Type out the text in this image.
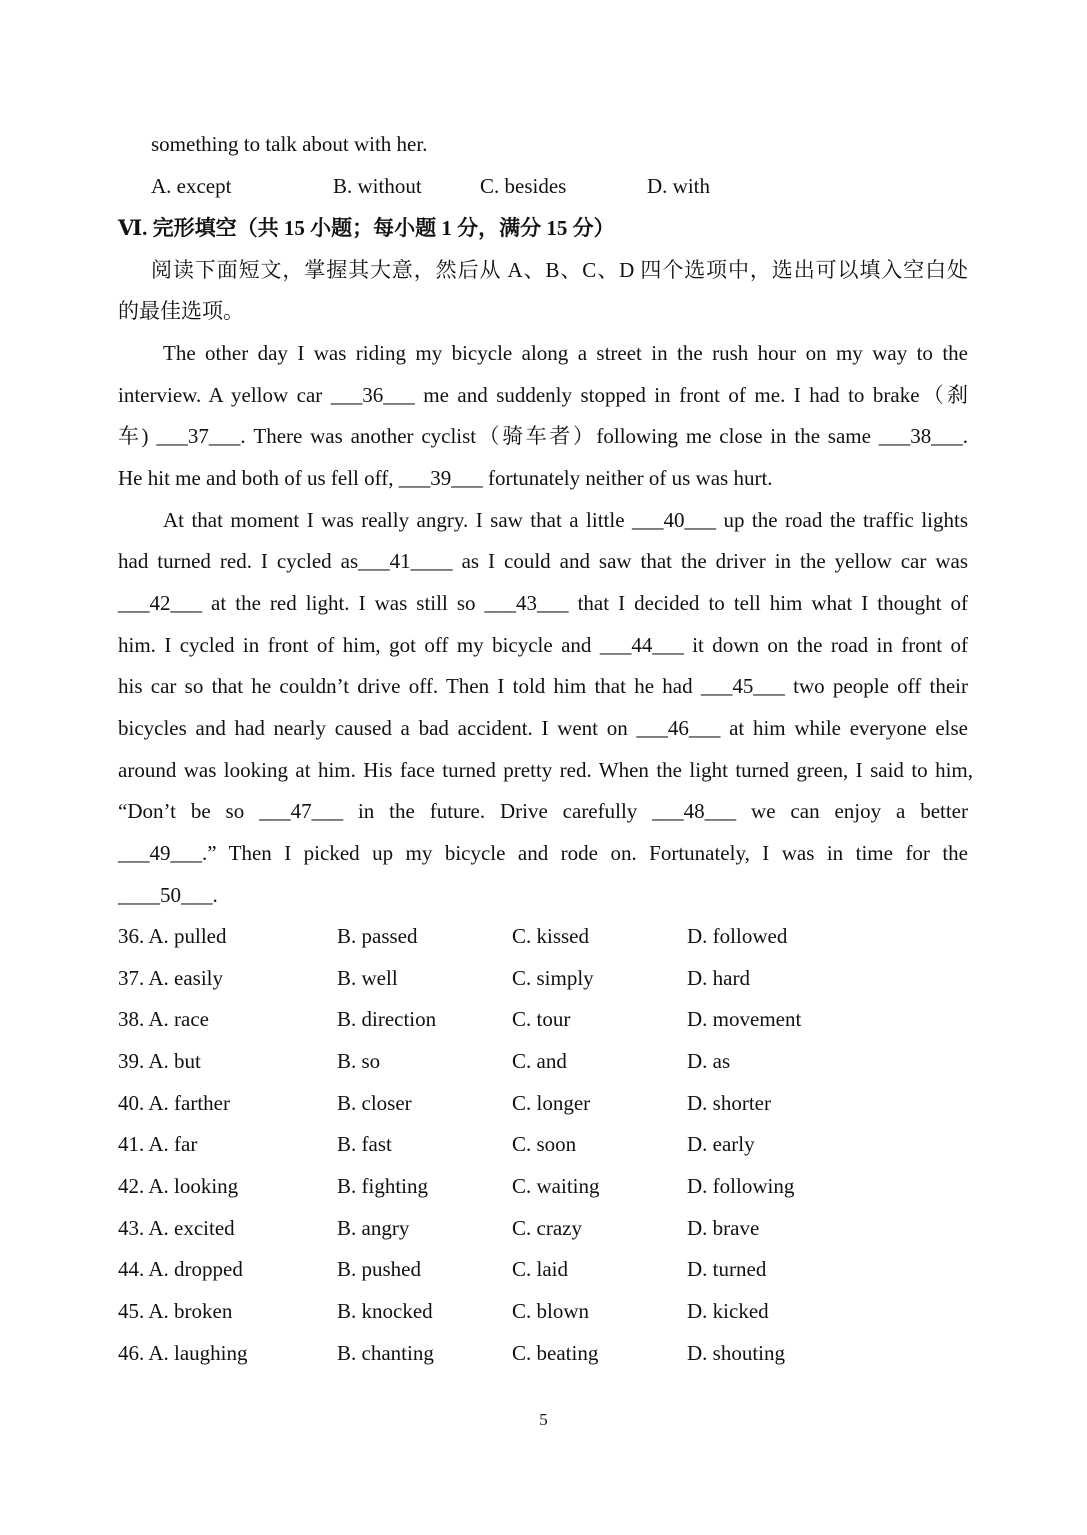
something to talk about with her.
A. except	B. without	C. besides	D. with
Ⅵ. 完形填空（共 15 小题；每小题 1 分，满分 15 分）
阅读下面短文，掌握其大意，然后从 A、B、C、D 四个选项中，选出可以填入空白处
的最佳选项。
The other day I was riding my bicycle along a street in the rush hour on my way to the
interview. A yellow car ___36___ me and suddenly stopped in front of me. I had to brake（刹
车) ___37___. There was another cyclist（骑车者）following me close in the same ___38___.
He hit me and both of us fell off, ___39___ fortunately neither of us was hurt.
At that moment I was really angry. I saw that a little ___40___ up the road the traffic lights
had turned red. I cycled as___41____ as I could and saw that the driver in the yellow car was
___42___ at the red light. I was still so ___43___ that I decided to tell him what I thought of
him. I cycled in front of him, got off my bicycle and ___44___ it down on the road in front of
his car so that he couldn’t drive off. Then I told him that he had ___45___ two people off their
bicycles and had nearly caused a bad accident. I went on ___46___ at him while everyone else
around was looking at him. His face turned pretty red. When the light turned green, I said to him,
“Don’t be so ___47___ in the future. Drive carefully ___48___ we can enjoy a better
___49___.” Then I picked up my bicycle and rode on. Fortunately, I was in time for the
____50___.
36. A. pulled	B. passed	C. kissed	D. followed
37. A. easily	B. well	C. simply	D. hard
38. A. race	B. direction	C. tour	D. movement
39. A. but	B. so	C. and	D. as
40. A. farther	B. closer	C. longer	D. shorter
41. A. far	B. fast	C. soon	D. early
42. A. looking	B. fighting	C. waiting	D. following
43. A. excited	B. angry	C. crazy	D. brave
44. A. dropped	B. pushed	C. laid	D. turned
45. A. broken	B. knocked	C. blown	D. kicked
46. A. laughing	B. chanting	C. beating	D. shouting
5
